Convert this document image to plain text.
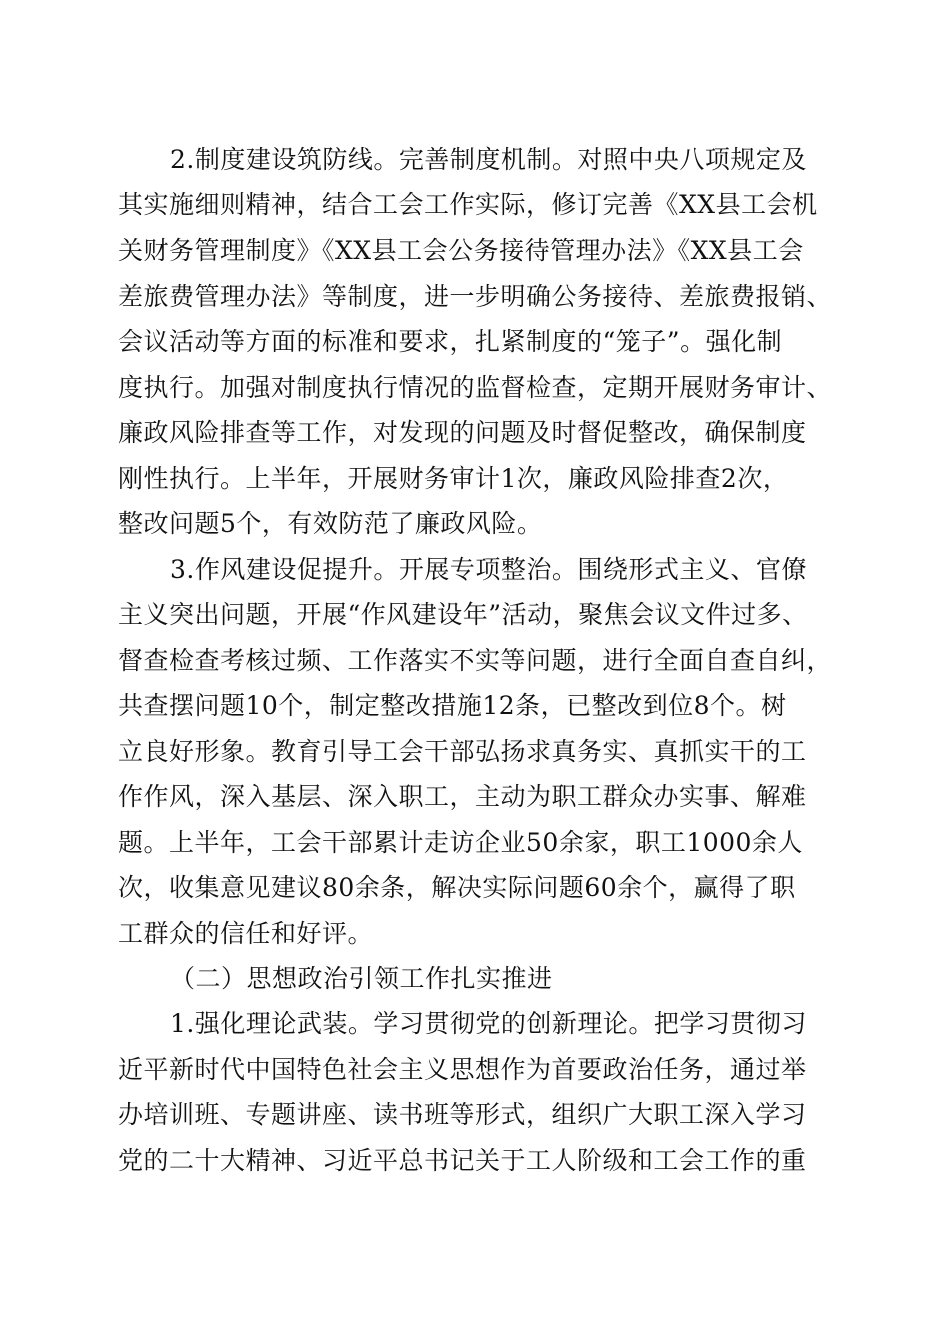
2.制度建设筑防线。完善制度机制。对照中央八项规定及

其实施细则精神，结合工会工作实际，修订完善《XX县工会机

关财务管理制度》《XX县工会公务接待管理办法》《XX县工会

差旅费管理办法》等制度，进一步明确公务接待、差旅费报销、

会议活动等方面的标准和要求，扎紧制度的“笼子”。强化制

度执行。加强对制度执行情况的监督检查，定期开展财务审计、

廉政风险排查等工作，对发现的问题及时督促整改，确保制度

刚性执行。上半年，开展财务审计1次，廉政风险排查2次，

整改问题5个，有效防范了廉政风险。

3.作风建设促提升。开展专项整治。围绕形式主义、官僚

主义突出问题，开展“作风建设年”活动，聚焦会议文件过多、

督查检查考核过频、工作落实不实等问题，进行全面自查自纠，

共查摆问题10个，制定整改措施12条，已整改到位8个。树

立良好形象。教育引导工会干部弘扬求真务实、真抓实干的工

作作风，深入基层、深入职工，主动为职工群众办实事、解难

题。上半年，工会干部累计走访企业50余家，职工1000余人

次，收集意见建议80余条，解决实际问题60余个，赢得了职

工群众的信任和好评。

（二）思想政治引领工作扎实推进

1.强化理论武装。学习贯彻党的创新理论。把学习贯彻习

近平新时代中国特色社会主义思想作为首要政治任务，通过举

办培训班、专题讲座、读书班等形式，组织广大职工深入学习

党的二十大精神、习近平总书记关于工人阶级和工会工作的重
